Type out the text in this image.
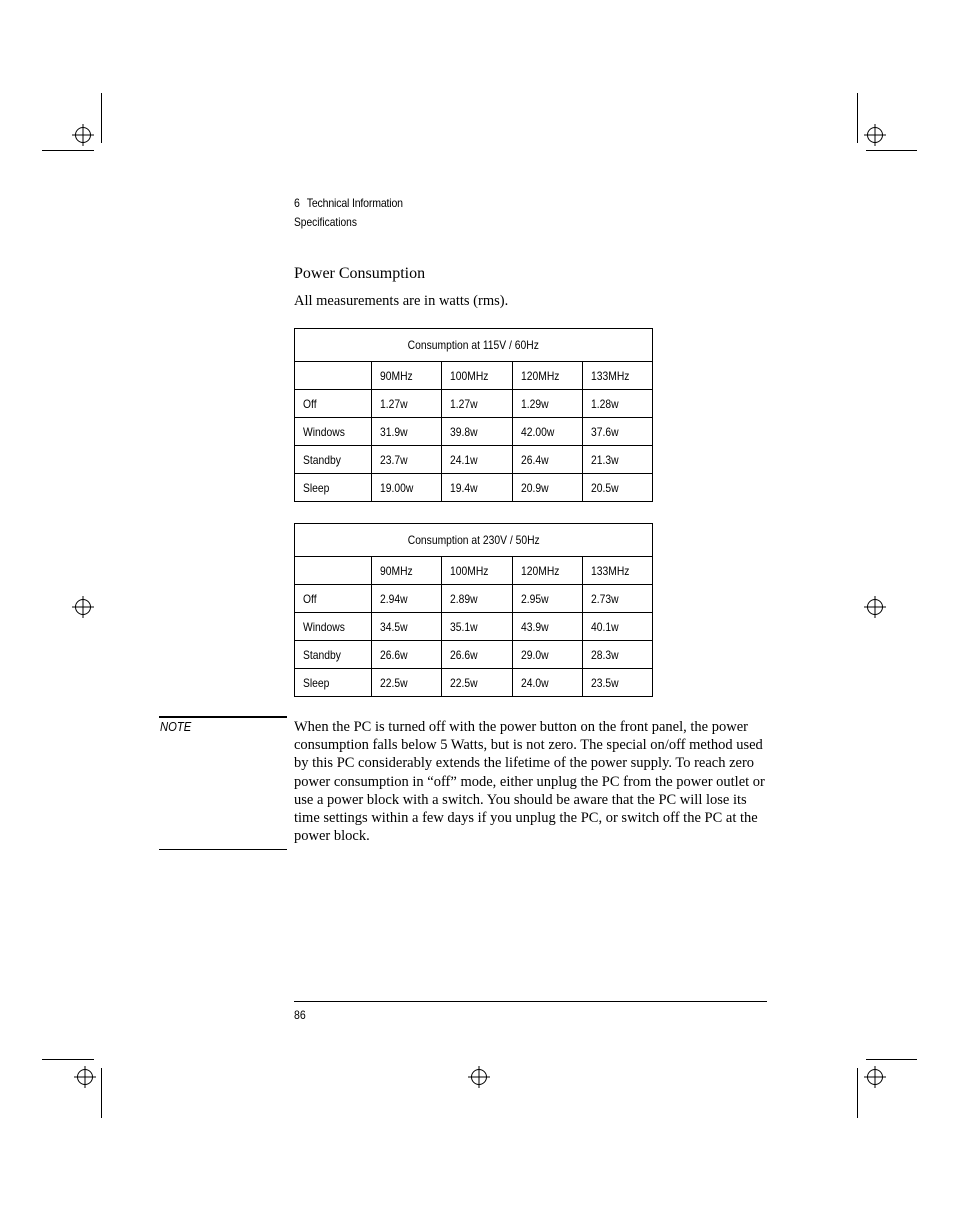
6 Technical Information
Specifications
Power Consumption
All measurements are in watts (rms).
Consumption at 115V / 60Hz				
	90MHz	100MHz	120MHz	133MHz
Off	1.27w	1.27w	1.29w	1.28w
Windows	31.9w	39.8w	42.00w	37.6w
Standby	23.7w	24.1w	26.4w	21.3w
Sleep	19.00w	19.4w	20.9w	20.5w
Consumption at 230V / 50Hz				
	90MHz	100MHz	120MHz	133MHz
Off	2.94w	2.89w	2.95w	2.73w
Windows	34.5w	35.1w	43.9w	40.1w
Standby	26.6w	26.6w	29.0w	28.3w
Sleep	22.5w	22.5w	24.0w	23.5w
NOTE	When the PC is turned off with the power button on the front panel, the power consumption falls below 5 Watts, but is not zero. The special on/off method used by this PC considerably extends the lifetime of the power supply. To reach zero power consumption in “off” mode, either unplug the PC from the power outlet or use a power block with a switch. You should be aware that the PC will lose its time settings within a few days if you unplug the PC, or switch off the PC at the power block.
86
